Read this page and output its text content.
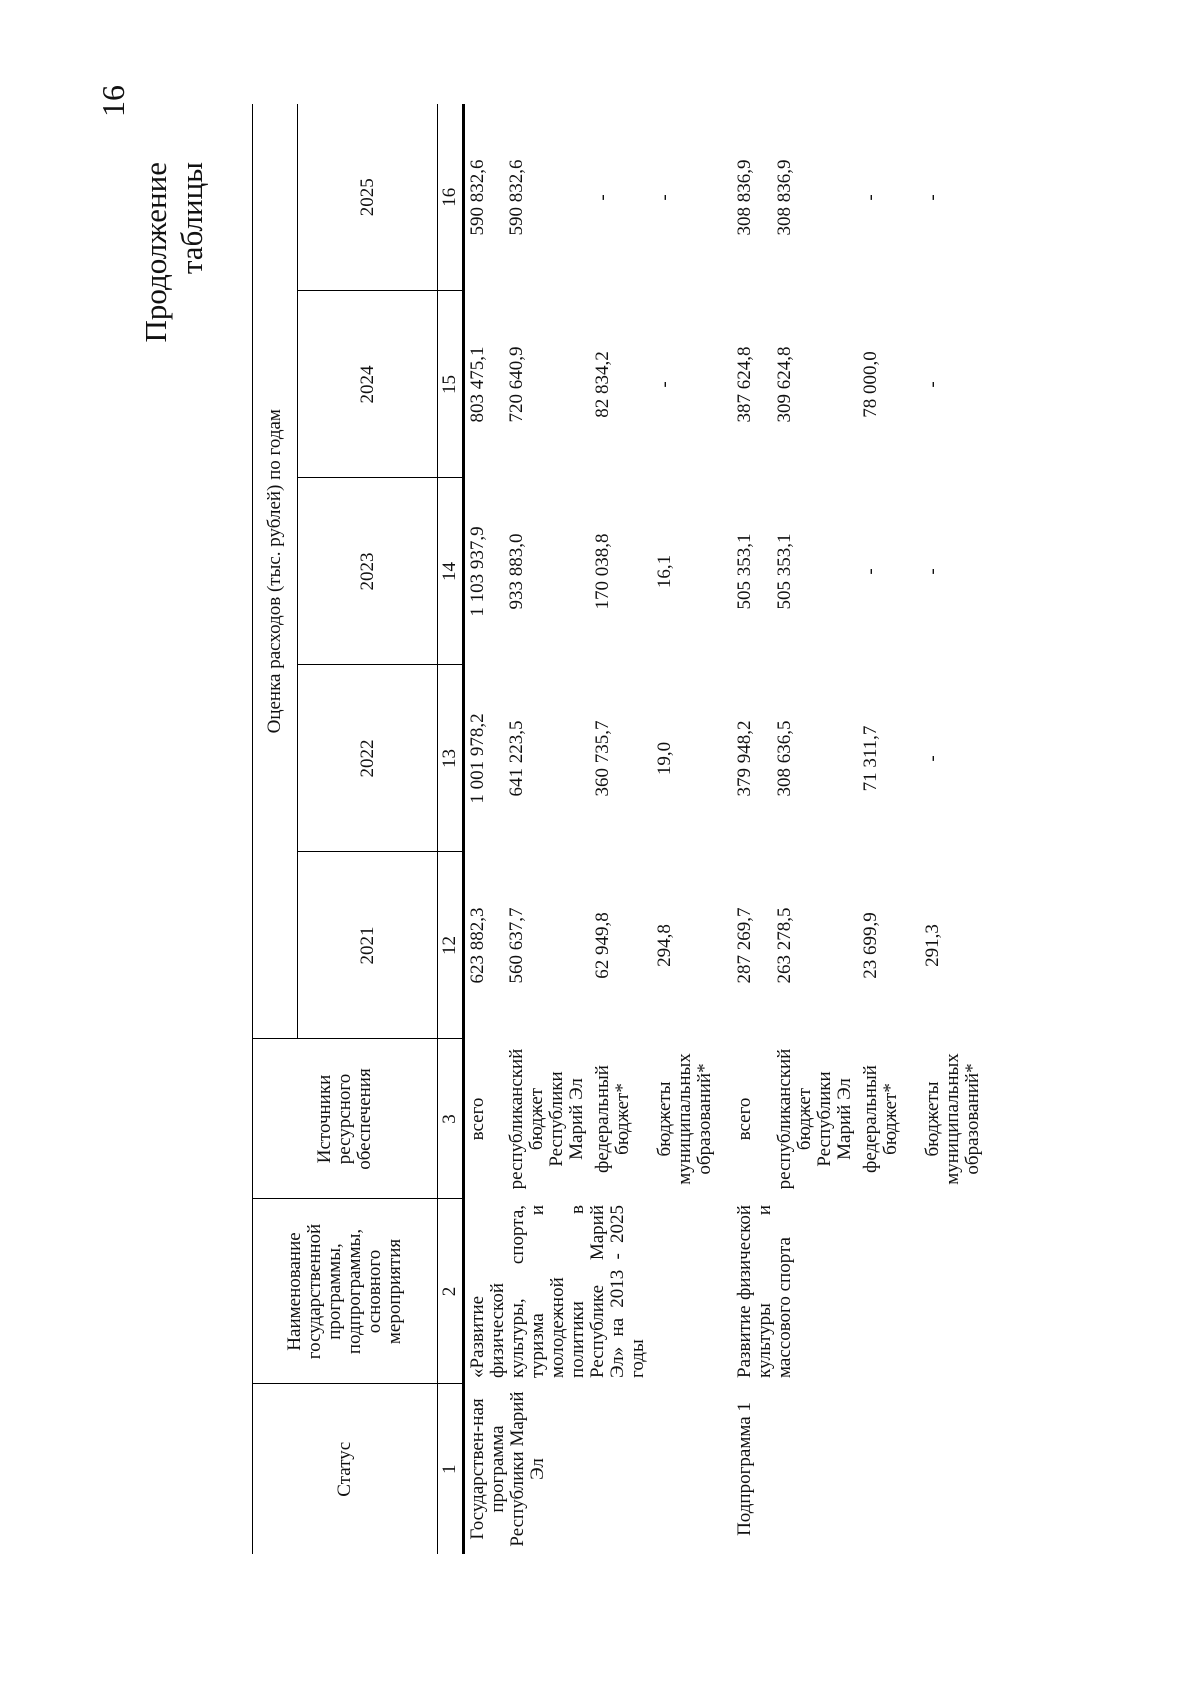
16
Продолжение таблицы
Статус	Наименование государственной программы, подпрограммы, основного мероприятия	Источники ресурсного обеспечения	Оценка расходов (тыс. рублей) по годам				
			2021	2022	2023	2024	2025
1	2	3	12	13	14	15	16
Государствен-ная программа Республики Марий Эл	«Развитие физической культуры, спорта, туризма и молодежной политики в Республике Марий Эл» на 2013 - 2025 годы	всего	623 882,3	1 001 978,2	1 103 937,9	803 475,1	590 832,6
		республиканский бюджет Республики Марий Эл	560 637,7	641 223,5	933 883,0	720 640,9	590 832,6
		федеральный бюджет*	62 949,8	360 735,7	170 038,8	82 834,2	-
		бюджеты муниципальных образований*	294,8	19,0	16,1	-	-
Подпрограмма 1	Развитие физической культуры и массового спорта	всего	287 269,7	379 948,2	505 353,1	387 624,8	308 836,9
		республиканский бюджет Республики Марий Эл	263 278,5	308 636,5	505 353,1	309 624,8	308 836,9
		федеральный бюджет*	23 699,9	71 311,7	-	78 000,0	-
		бюджеты муниципальных образований*	291,3	-	-	-	-
